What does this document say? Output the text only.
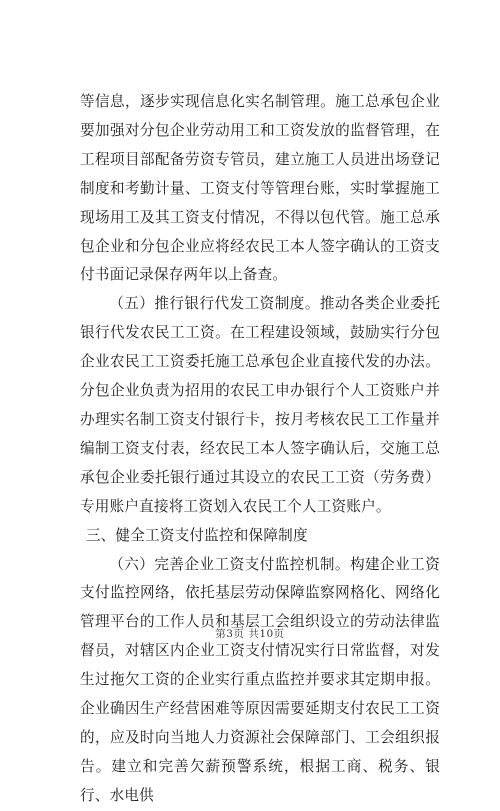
等信息，逐步实现信息化实名制管理。施工总承包企业要加强对分包企业劳动用工和工资发放的监督管理，在工程项目部配备劳资专管员，建立施工人员进出场登记制度和考勤计量、工资支付等管理台账，实时掌握施工现场用工及其工资支付情况，不得以包代管。施工总承包企业和分包企业应将经农民工本人签字确认的工资支付书面记录保存两年以上备查。

（五）推行银行代发工资制度。推动各类企业委托银行代发农民工工资。在工程建设领域，鼓励实行分包企业农民工工资委托施工总承包企业直接代发的办法。分包企业负责为招用的农民工申办银行个人工资账户并办理实名制工资支付银行卡，按月考核农民工工作量并编制工资支付表，经农民工本人签字确认后，交施工总承包企业委托银行通过其设立的农民工工资（劳务费）专用账户直接将工资划入农民工个人工资账户。

三、健全工资支付监控和保障制度

（六）完善企业工资支付监控机制。构建企业工资支付监控网络，依托基层劳动保障监察网格化、网络化管理平台的工作人员和基层工会组织设立的劳动法律监督员，对辖区内企业工资支付情况实行日常监督，对发生过拖欠工资的企业实行重点监控并要求其定期申报。企业确因生产经营困难等原因需要延期支付农民工工资的，应及时向当地人力资源社会保障部门、工会组织报告。建立和完善欠薪预警系统，根据工商、税务、银行、水电供

第3页 共10页
